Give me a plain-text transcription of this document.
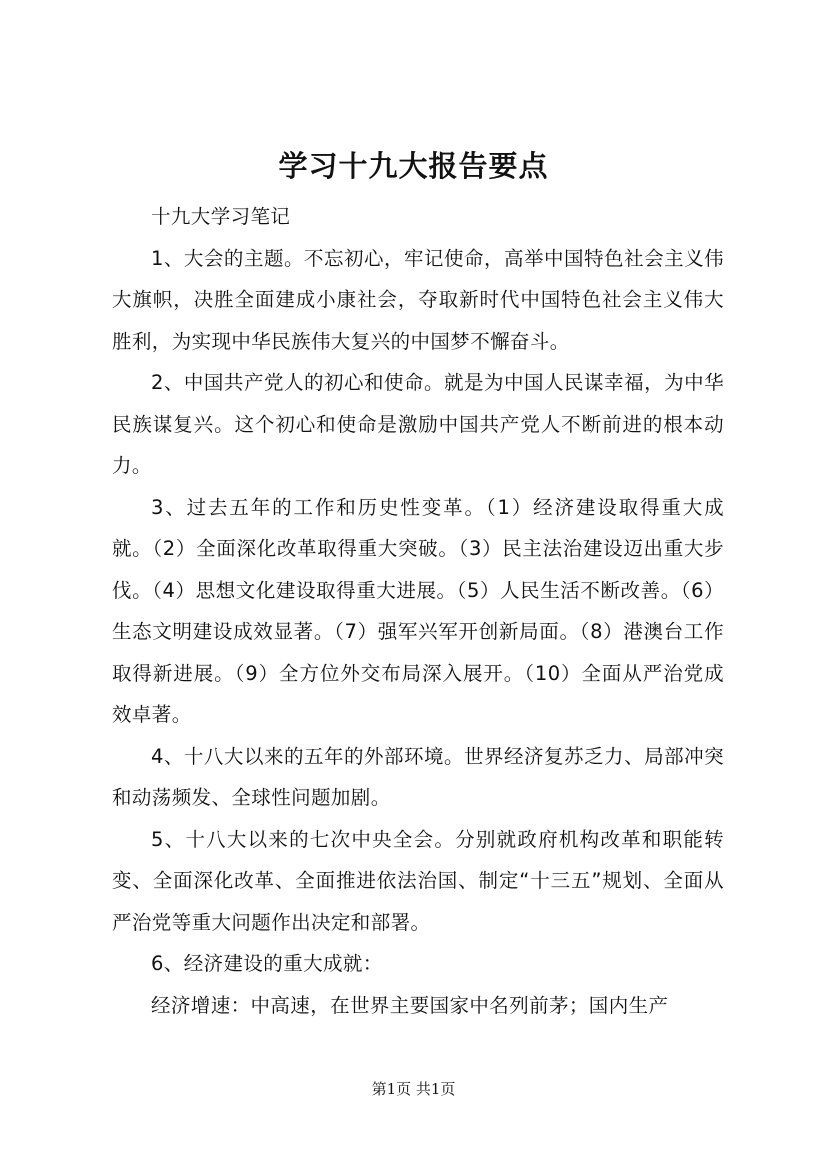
学习十九大报告要点

十九大学习笔记

1、大会的主题。不忘初心，牢记使命，高举中国特色社会主义伟大旗帜，决胜全面建成小康社会，夺取新时代中国特色社会主义伟大胜利，为实现中华民族伟大复兴的中国梦不懈奋斗。

2、中国共产党人的初心和使命。就是为中国人民谋幸福，为中华民族谋复兴。这个初心和使命是激励中国共产党人不断前进的根本动力。

3、过去五年的工作和历史性变革。（1）经济建设取得重大成就。（2）全面深化改革取得重大突破。（3）民主法治建设迈出重大步伐。（4）思想文化建设取得重大进展。（5）人民生活不断改善。（6）生态文明建设成效显著。（7）强军兴军开创新局面。（8）港澳台工作取得新进展。（9）全方位外交布局深入展开。（10）全面从严治党成效卓著。

4、十八大以来的五年的外部环境。世界经济复苏乏力、局部冲突和动荡频发、全球性问题加剧。

5、十八大以来的七次中央全会。分别就政府机构改革和职能转变、全面深化改革、全面推进依法治国、制定“十三五”规划、全面从严治党等重大问题作出决定和部署。

6、经济建设的重大成就：

经济增速：中高速，在世界主要国家中名列前茅；国内生产

第1页 共1页
